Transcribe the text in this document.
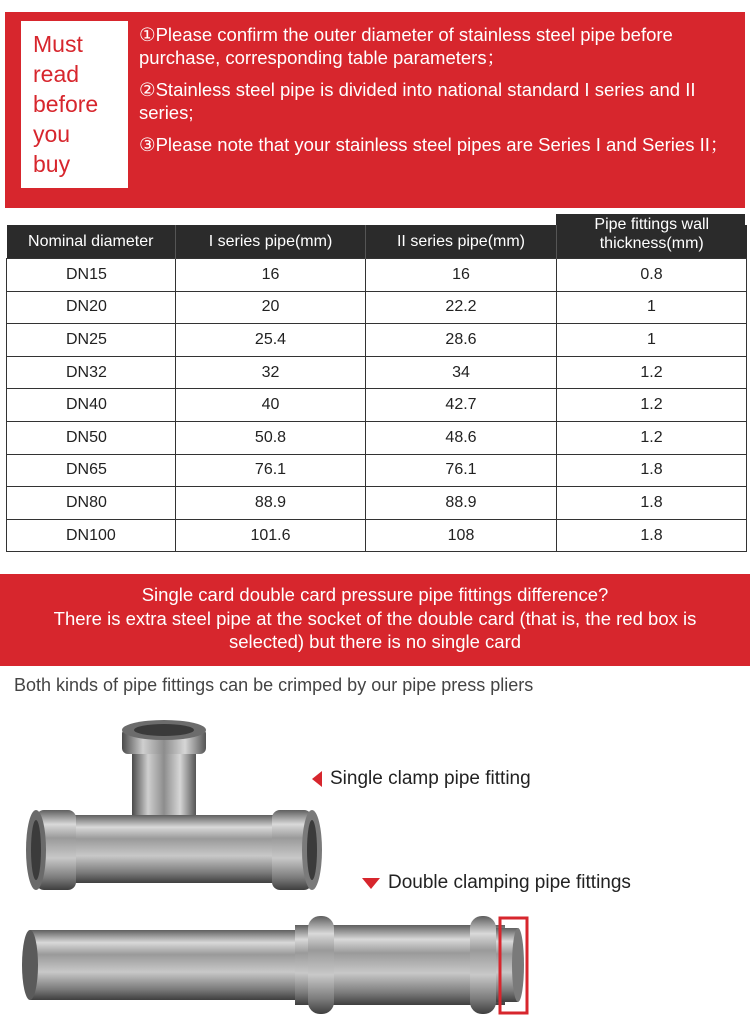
Must
read
before
you
buy

①Please confirm the outer diameter of stainless steel pipe before purchase, corresponding table parameters；

②Stainless steel pipe is divided into national standard I series and II series;

③Please note that your stainless steel pipes are Series I and Series II；

Nominal diameter	I series pipe(mm)	II series pipe(mm)	Pipe fittings wall thickness(mm)

DN15	16	16	0.8
DN20	20	22.2	1
DN25	25.4	28.6	1
DN32	32	34	1.2
DN40	40	42.7	1.2
DN50	50.8	48.6	1.2
DN65	76.1	76.1	1.8
DN80	88.9	88.9	1.8
DN100	101.6	108	1.8

Single card double card pressure pipe fittings difference?

There is extra steel pipe at the socket of the double card (that is, the red box is

selected) but there is no single card

Both kinds of pipe fittings can be crimped by our pipe press pliers
Single clamp pipe fitting
Double clamping pipe fittings
